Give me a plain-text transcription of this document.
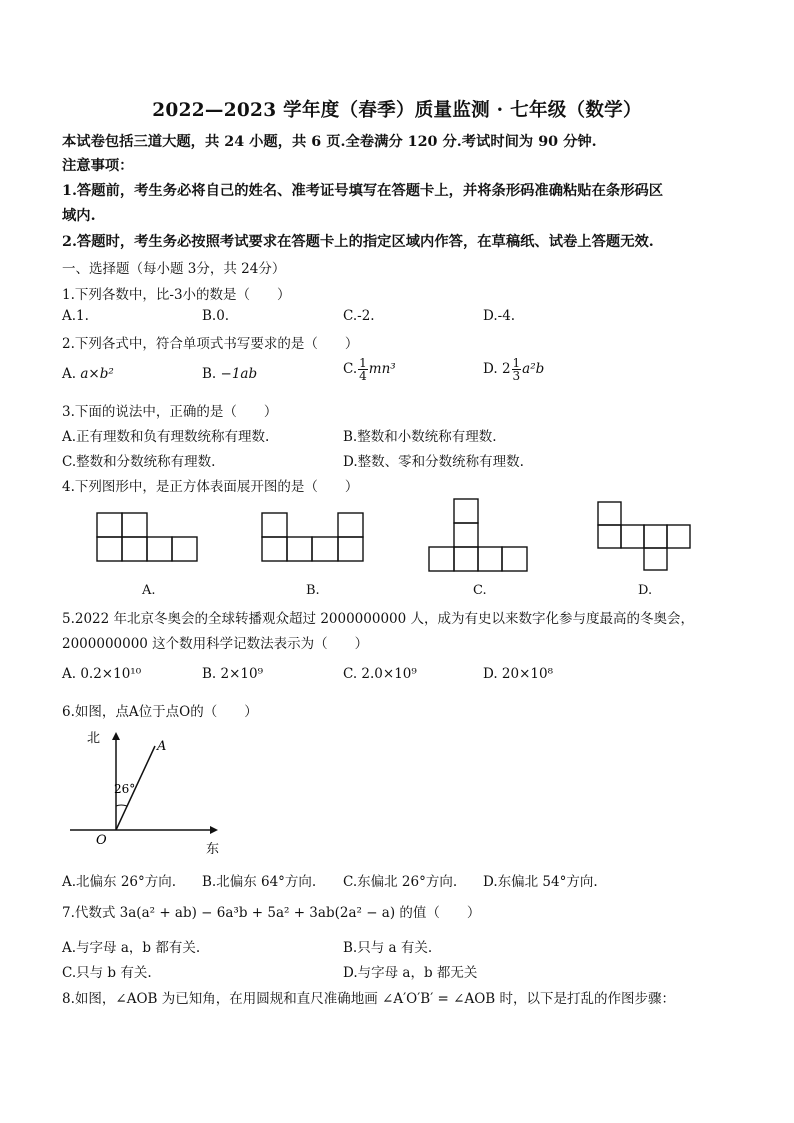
2022—2023 学年度（春季）质量监测 · 七年级（数学）
本试卷包括三道大题，共 24 小题，共 6 页.全卷满分 120 分.考试时间为 90 分钟.
注意事项：
1.答题前，考生务必将自己的姓名、准考证号填写在答题卡上，并将条形码准确粘贴在条形码区
域内.
2.答题时，考生务必按照考试要求在答题卡上的指定区域内作答，在草稿纸、试卷上答题无效.
一、选择题（每小题 3分，共 24分）
1.下列各数中，比-3小的数是（　　）
A.1.	B.0.	C.-2.	D.-4.
2.下列各式中，符合单项式书写要求的是（　　）
A. a×b²	B. −1ab	C. $\frac{1}{4} mn^3$	D. $2 \frac{1}{3} a^2b$
3.下面的说法中，正确的是（　　）
A.正有理数和负有理数统称有理数.	B.整数和小数统称有理数.
C.整数和分数统称有理数.	D.整数、零和分数统称有理数.
4.下列图形中，是正方体表面展开图的是（　　）
A.	B.	C.	D.
5.2022 年北京冬奥会的全球转播观众超过 2000000000 人，成为有史以来数字化参与度最高的冬奥会，
2000000000 这个数用科学记数法表示为（　　）
A. 0.2×10¹⁰	B. 2×10⁹	C. 2.0×10⁹	D. 20×10⁸
6.如图，点A位于点O的（　　）
北
A
26°
O
东
A.北偏东 26°方向. B.北偏东 64°方向. C.东偏北 26°方向. D.东偏北 54°方向.
7.代数式 3a(a² + ab) − 6a³b + 5a² + 3ab(2a² − a) 的值（　　）
A.与字母 a，b 都有关.	B.只与 a 有关.
C.只与 b 有关.	D.与字母 a，b 都无关
8.如图，∠AOB 为已知角，在用圆规和直尺准确地画 ∠A′O′B′ = ∠AOB 时，以下是打乱的作图步骤：
